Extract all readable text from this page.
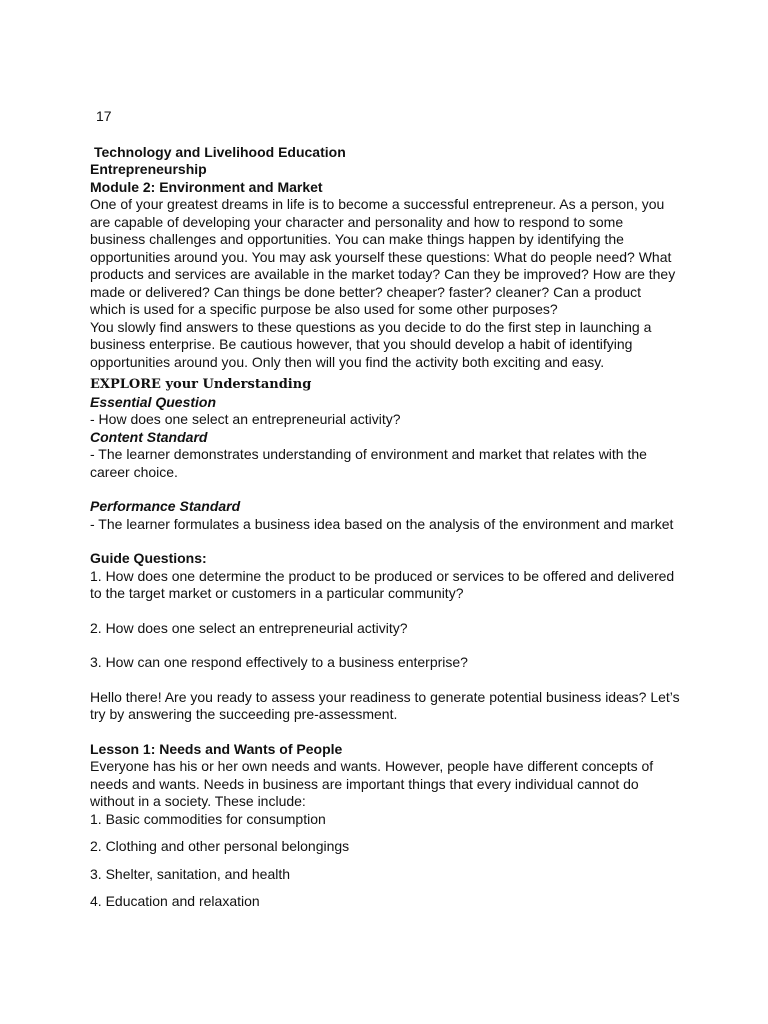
17

Technology and Livelihood Education

Entrepreneurship

Module 2: Environment and Market

One of your greatest dreams in life is to become a successful entrepreneur. As a person, you are capable of developing your character and personality and how to respond to some business challenges and opportunities. You can make things happen by identifying the opportunities around you. You may ask yourself these questions: What do people need? What products and services are available in the market today? Can they be improved? How are they made or delivered? Can things be done better? cheaper? faster? cleaner? Can a product which is used for a specific purpose be also used for some other purposes?

You slowly find answers to these questions as you decide to do the first step in launching a business enterprise. Be cautious however, that you should develop a habit of identifying opportunities around you. Only then will you find the activity both exciting and easy.

EXPLORE your Understanding

Essential Question

- How does one select an entrepreneurial activity?

Content Standard

- The learner demonstrates understanding of environment and market that relates with the career choice.

Performance Standard

- The learner formulates a business idea based on the analysis of the environment and market

Guide Questions:

1. How does one determine the product to be produced or services to be offered and delivered to the target market or customers in a particular community?

2. How does one select an entrepreneurial activity?

3. How can one respond effectively to a business enterprise?

Hello there! Are you ready to assess your readiness to generate potential business ideas? Let’s try by answering the succeeding pre-assessment.

Lesson 1: Needs and Wants of People

Everyone has his or her own needs and wants. However, people have different concepts of needs and wants. Needs in business are important things that every individual cannot do without in a society. These include:

1. Basic commodities for consumption

2. Clothing and other personal belongings

3. Shelter, sanitation, and health

4. Education and relaxation
